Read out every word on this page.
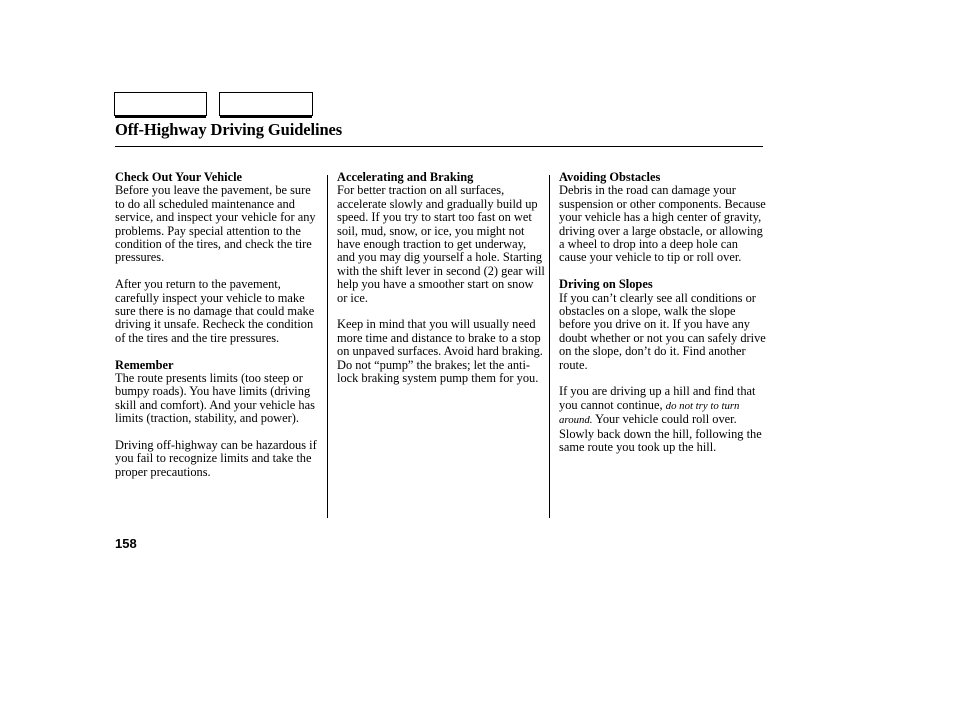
Off-Highway Driving Guidelines

Check Out Your Vehicle

Before you leave the pavement, be sure to do all scheduled maintenance and service, and inspect your vehicle for any problems. Pay special attention to the condition of the tires, and check the tire pressures.

After you return to the pavement, carefully inspect your vehicle to make sure there is no damage that could make driving it unsafe. Recheck the condition of the tires and the tire pressures.

Remember

The route presents limits (too steep or bumpy roads). You have limits (driving skill and comfort). And your vehicle has limits (traction, stability, and power).

Driving off-highway can be hazardous if you fail to recognize limits and take the proper precautions.

Accelerating and Braking

For better traction on all surfaces, accelerate slowly and gradually build up speed. If you try to start too fast on wet soil, mud, snow, or ice, you might not have enough traction to get underway, and you may dig yourself a hole. Starting with the shift lever in second (2) gear will help you have a smoother start on snow or ice.

Keep in mind that you will usually need more time and distance to brake to a stop on unpaved surfaces. Avoid hard braking. Do not “pump” the brakes; let the anti-lock braking system pump them for you.

Avoiding Obstacles

Debris in the road can damage your suspension or other components. Because your vehicle has a high center of gravity, driving over a large obstacle, or allowing a wheel to drop into a deep hole can cause your vehicle to tip or roll over.

Driving on Slopes

If you can’t clearly see all conditions or obstacles on a slope, walk the slope before you drive on it. If you have any doubt whether or not you can safely drive on the slope, don’t do it. Find another route.

If you are driving up a hill and find that you cannot continue, do not try to turn around. Your vehicle could roll over. Slowly back down the hill, following the same route you took up the hill.

158
